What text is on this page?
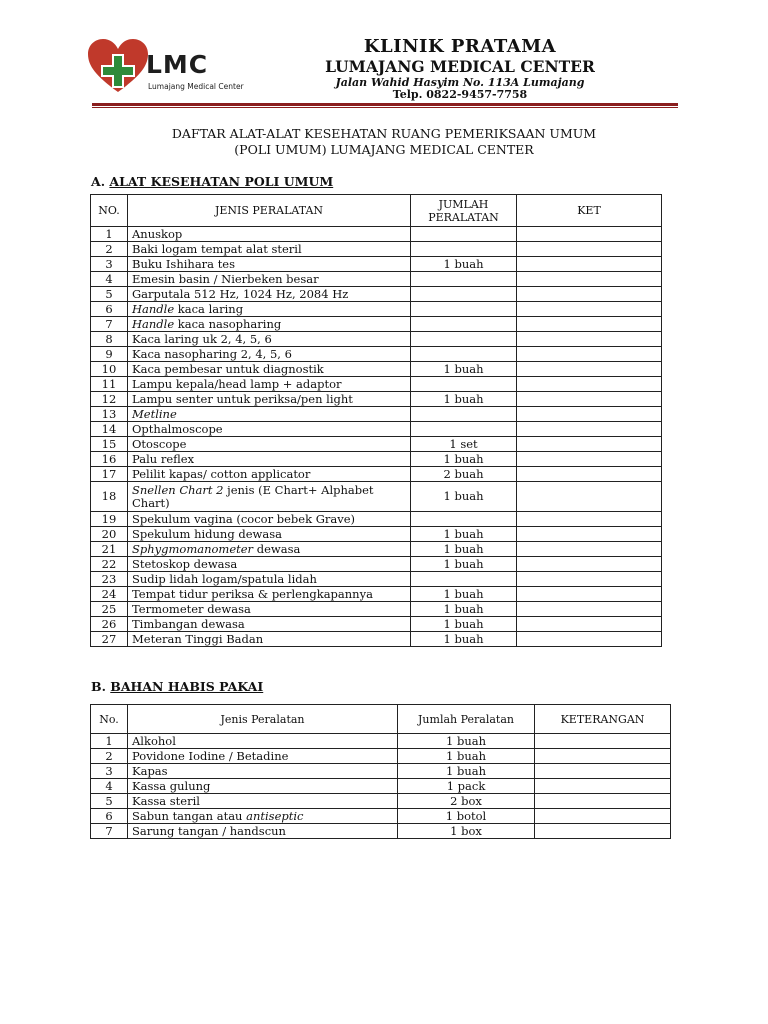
LMC
Lumajang Medical Center
KLINIK PRATAMA
LUMAJANG MEDICAL CENTER
Jalan Wahid Hasyim No. 113A Lumajang
Telp. 0822-9457-7758
DAFTAR ALAT-ALAT KESEHATAN RUANG PEMERIKSAAN UMUM
(POLI UMUM) LUMAJANG MEDICAL CENTER
A. ALAT KESEHATAN POLI UMUM
NO.	JENIS PERALATAN	JUMLAH PERALATAN	KET
1	Anuskop		
2	Baki logam tempat alat steril		
3	Buku Ishihara tes	1 buah	
4	Emesin basin / Nierbeken besar		
5	Garputala 512 Hz, 1024 Hz, 2084 Hz		
6	Handle kaca laring		
7	Handle kaca nasopharing		
8	Kaca laring uk 2, 4, 5, 6		
9	Kaca nasopharing 2, 4, 5, 6		
10	Kaca pembesar untuk diagnostik	1 buah	
11	Lampu kepala/head lamp + adaptor		
12	Lampu senter untuk periksa/pen light	1 buah	
13	Metline		
14	Opthalmoscope		
15	Otoscope	1 set	
16	Palu reflex	1 buah	
17	Pelilit kapas/ cotton applicator	2 buah	
18	Snellen Chart 2 jenis (E Chart+ Alphabet Chart)	1 buah	
19	Spekulum vagina (cocor bebek Grave)		
20	Spekulum hidung dewasa	1 buah	
21	Sphygmomanometer dewasa	1 buah	
22	Stetoskop dewasa	1 buah	
23	Sudip lidah logam/spatula lidah		
24	Tempat tidur periksa & perlengkapannya	1 buah	
25	Termometer dewasa	1 buah	
26	Timbangan dewasa	1 buah	
27	Meteran Tinggi Badan	1 buah	
B. BAHAN HABIS PAKAI
No.	Jenis Peralatan	Jumlah Peralatan	KETERANGAN
1	Alkohol	1 buah	
2	Povidone Iodine / Betadine	1 buah	
3	Kapas	1 buah	
4	Kassa gulung	1 pack	
5	Kassa steril	2 box	
6	Sabun tangan atau antiseptic	1 botol	
7	Sarung tangan / handscun	1 box	
